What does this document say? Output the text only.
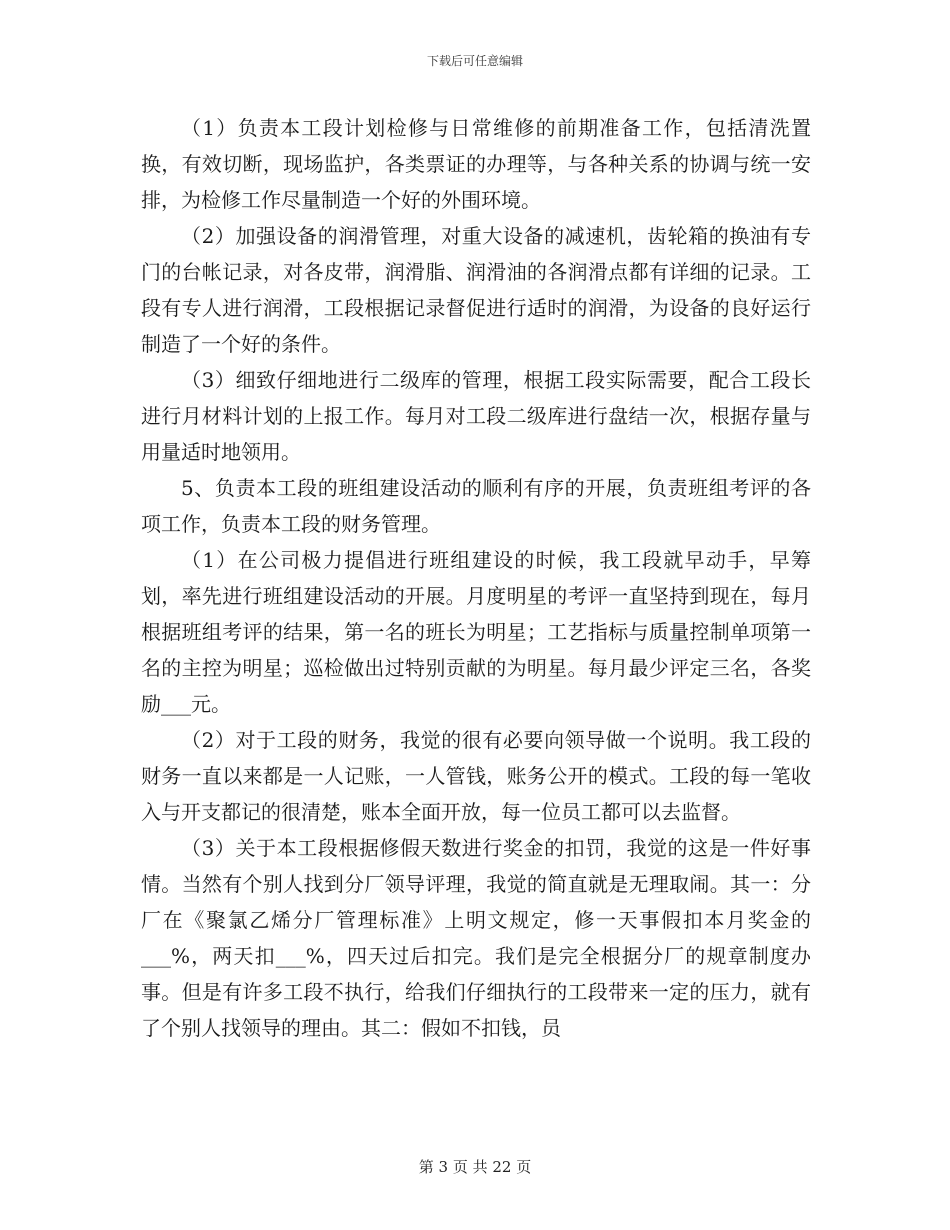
下载后可任意编辑

（1）负责本工段计划检修与日常维修的前期准备工作，包括清洗置换，有效切断，现场监护，各类票证的办理等，与各种关系的协调与统一安排，为检修工作尽量制造一个好的外围环境。

（2）加强设备的润滑管理，对重大设备的减速机，齿轮箱的换油有专门的台帐记录，对各皮带，润滑脂、润滑油的各润滑点都有详细的记录。工段有专人进行润滑，工段根据记录督促进行适时的润滑，为设备的良好运行制造了一个好的条件。

（3）细致仔细地进行二级库的管理，根据工段实际需要，配合工段长进行月材料计划的上报工作。每月对工段二级库进行盘结一次，根据存量与用量适时地领用。

5、负责本工段的班组建设活动的顺利有序的开展，负责班组考评的各项工作，负责本工段的财务管理。

（1）在公司极力提倡进行班组建设的时候，我工段就早动手，早筹划，率先进行班组建设活动的开展。月度明星的考评一直坚持到现在，每月根据班组考评的结果，第一名的班长为明星；工艺指标与质量控制单项第一名的主控为明星；巡检做出过特别贡献的为明星。每月最少评定三名，各奖励___元。

（2）对于工段的财务，我觉的很有必要向领导做一个说明。我工段的财务一直以来都是一人记账，一人管钱，账务公开的模式。工段的每一笔收入与开支都记的很清楚，账本全面开放，每一位员工都可以去监督。

（3）关于本工段根据修假天数进行奖金的扣罚，我觉的这是一件好事情。当然有个别人找到分厂领导评理，我觉的简直就是无理取闹。其一：分厂在《聚氯乙烯分厂管理标准》上明文规定，修一天事假扣本月奖金的___%，两天扣___%，四天过后扣完。我们是完全根据分厂的规章制度办事。但是有许多工段不执行，给我们仔细执行的工段带来一定的压力，就有了个别人找领导的理由。其二：假如不扣钱，员

第 3 页 共 22 页
